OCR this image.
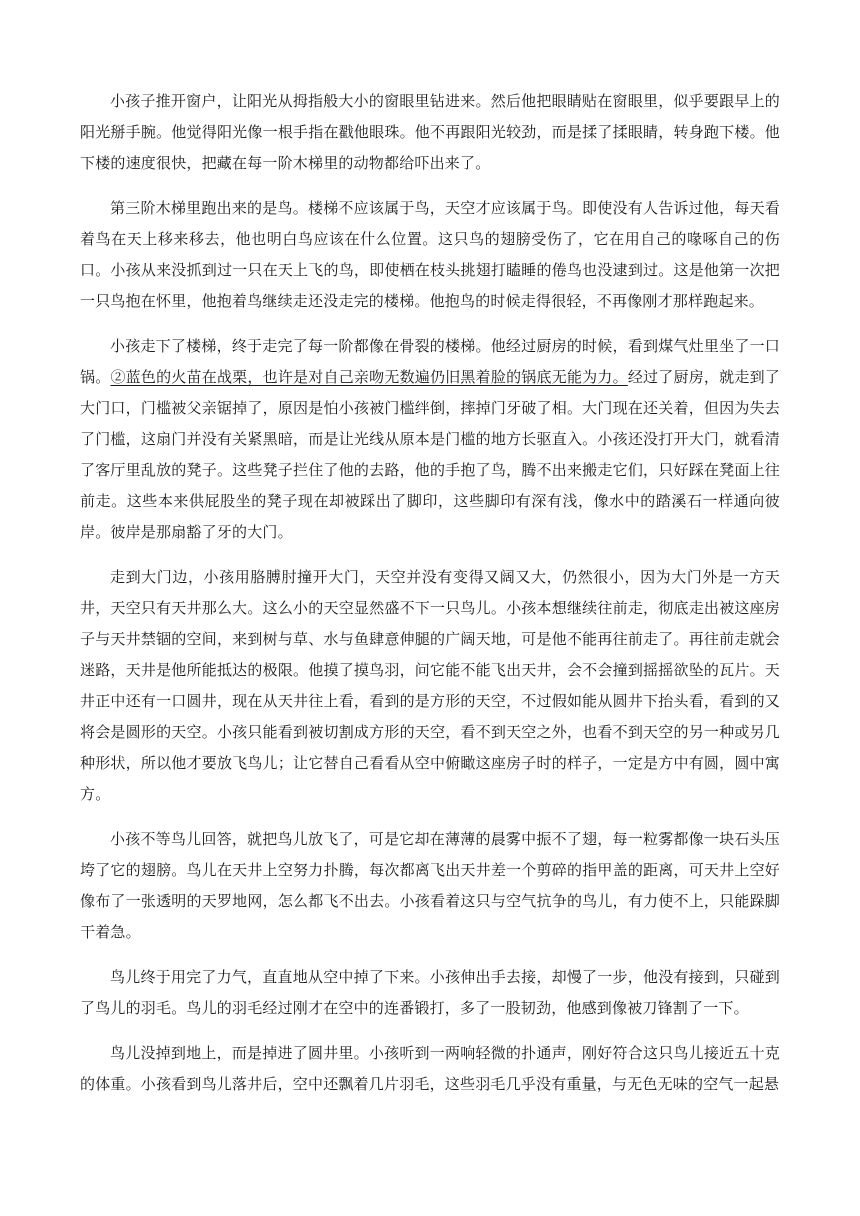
小孩子推开窗户，让阳光从拇指般大小的窗眼里钻进来。然后他把眼睛贴在窗眼里，似乎要跟早上的阳光掰手腕。他觉得阳光像一根手指在戳他眼珠。他不再跟阳光较劲，而是揉了揉眼睛，转身跑下楼。他下楼的速度很快，把藏在每一阶木梯里的动物都给吓出来了。

第三阶木梯里跑出来的是鸟。楼梯不应该属于鸟，天空才应该属于鸟。即使没有人告诉过他，每天看着鸟在天上移来移去，他也明白鸟应该在什么位置。这只鸟的翅膀受伤了，它在用自己的喙啄自己的伤口。小孩从来没抓到过一只在天上飞的鸟，即使栖在枝头挑翅打瞌睡的倦鸟也没逮到过。这是他第一次把一只鸟抱在怀里，他抱着鸟继续走还没走完的楼梯。他抱鸟的时候走得很轻，不再像刚才那样跑起来。

小孩走下了楼梯，终于走完了每一阶都像在骨裂的楼梯。他经过厨房的时候，看到煤气灶里坐了一口锅。②蓝色的火苗在战栗，也许是对自己亲吻无数遍仍旧黑着脸的锅底无能为力。经过了厨房，就走到了大门口，门槛被父亲锯掉了，原因是怕小孩被门槛绊倒，摔掉门牙破了相。大门现在还关着，但因为失去了门槛，这扇门并没有关紧黑暗，而是让光线从原本是门槛的地方长驱直入。小孩还没打开大门，就看清了客厅里乱放的凳子。这些凳子拦住了他的去路，他的手抱了鸟，腾不出来搬走它们，只好踩在凳面上往前走。这些本来供屁股坐的凳子现在却被踩出了脚印，这些脚印有深有浅，像水中的踏溪石一样通向彼岸。彼岸是那扇豁了牙的大门。

走到大门边，小孩用胳膊肘撞开大门，天空并没有变得又阔又大，仍然很小，因为大门外是一方天井，天空只有天井那么大。这么小的天空显然盛不下一只鸟儿。小孩本想继续往前走，彻底走出被这座房子与天井禁锢的空间，来到树与草、水与鱼肆意伸腿的广阔天地，可是他不能再往前走了。再往前走就会迷路，天井是他所能抵达的极限。他摸了摸鸟羽，问它能不能飞出天井，会不会撞到摇摇欲坠的瓦片。天井正中还有一口圆井，现在从天井往上看，看到的是方形的天空，不过假如能从圆井下抬头看，看到的又将会是圆形的天空。小孩只能看到被切割成方形的天空，看不到天空之外，也看不到天空的另一种或另几种形状，所以他才要放飞鸟儿；让它替自己看看从空中俯瞰这座房子时的样子，一定是方中有圆，圆中寓方。

小孩不等鸟儿回答，就把鸟儿放飞了，可是它却在薄薄的晨雾中振不了翅，每一粒雾都像一块石头压垮了它的翅膀。鸟儿在天井上空努力扑腾，每次都离飞出天井差一个剪碎的指甲盖的距离，可天井上空好像布了一张透明的天罗地网，怎么都飞不出去。小孩看着这只与空气抗争的鸟儿，有力使不上，只能跺脚干着急。

鸟儿终于用完了力气，直直地从空中掉了下来。小孩伸出手去接，却慢了一步，他没有接到，只碰到了鸟儿的羽毛。鸟儿的羽毛经过刚才在空中的连番锻打，多了一股韧劲，他感到像被刀锋割了一下。

鸟儿没掉到地上，而是掉进了圆井里。小孩听到一两响轻微的扑通声，刚好符合这只鸟儿接近五十克的体重。小孩看到鸟儿落井后，空中还飘着几片羽毛，这些羽毛几乎没有重量，与无色无味的空气一起悬
